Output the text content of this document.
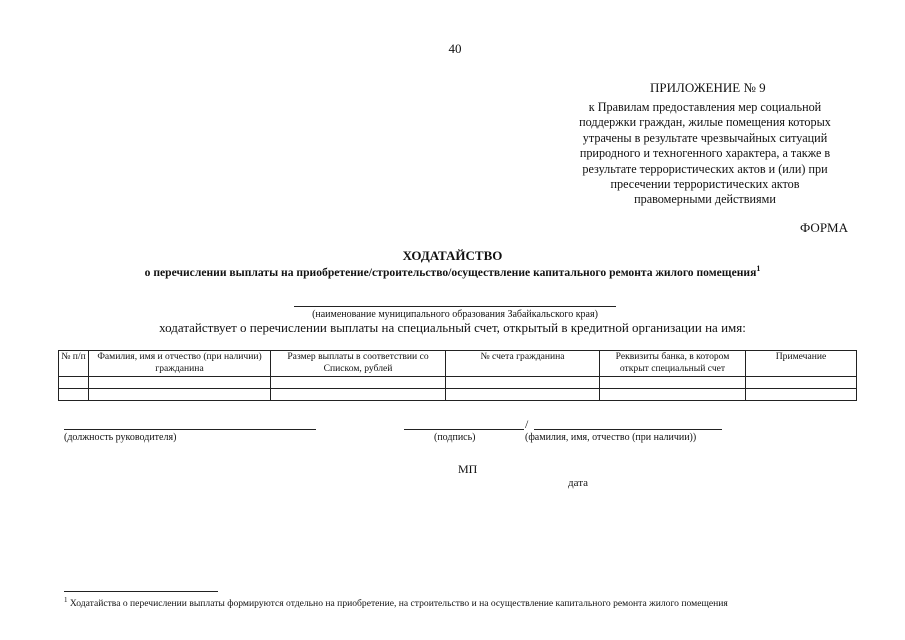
40
ПРИЛОЖЕНИЕ № 9
к Правилам предоставления мер социальной
поддержки граждан, жилые помещения которых
утрачены в результате чрезвычайных ситуаций
природного и техногенного характера, а также в
результате террористических актов и (или) при
пресечении террористических актов
правомерными действиями
ФОРМА
ХОДАТАЙСТВО
о перечислении выплаты на приобретение/строительство/осуществление капитального ремонта жилого помещения$^1$
(наименование муниципального образования Забайкальского края)
ходатайствует о перечислении выплаты на специальный счет, открытый в кредитной организации на имя:
№ п/п	Фамилия, имя и отчество (при наличии) гражданина	Размер выплаты в соответствии со Списком, рублей	№ счета гражданина	Реквизиты банка, в котором открыт специальный счет	Примечание

(должность руководителя)
/
(подпись)	(фамилия, имя, отчество (при наличии))
МП
дата
$^1$ Ходатайства о перечислении выплаты формируются отдельно на приобретение, на строительство и на осуществление капитального ремонта жилого помещения
